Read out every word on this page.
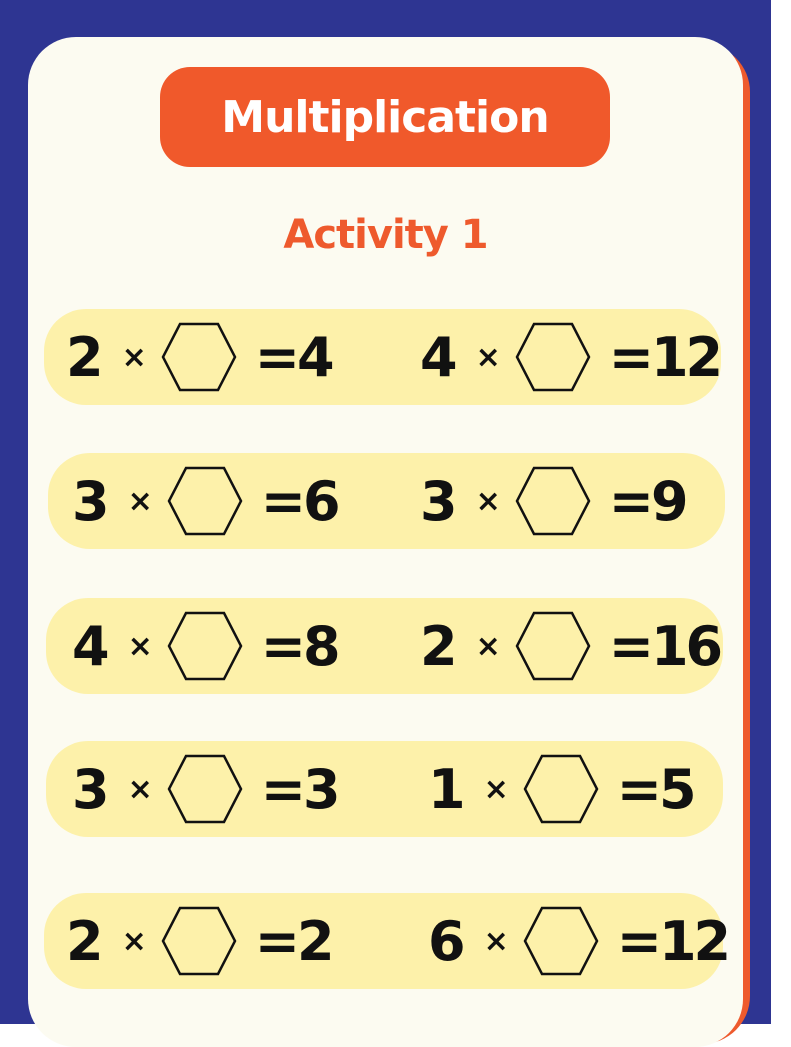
Multiplication
Activity 1
2 × =4 4 × =12
3 × =6 3 × =9
4 × =8 2 × =16
3 × =3 1 × =5
2 × =2 6 × =12
